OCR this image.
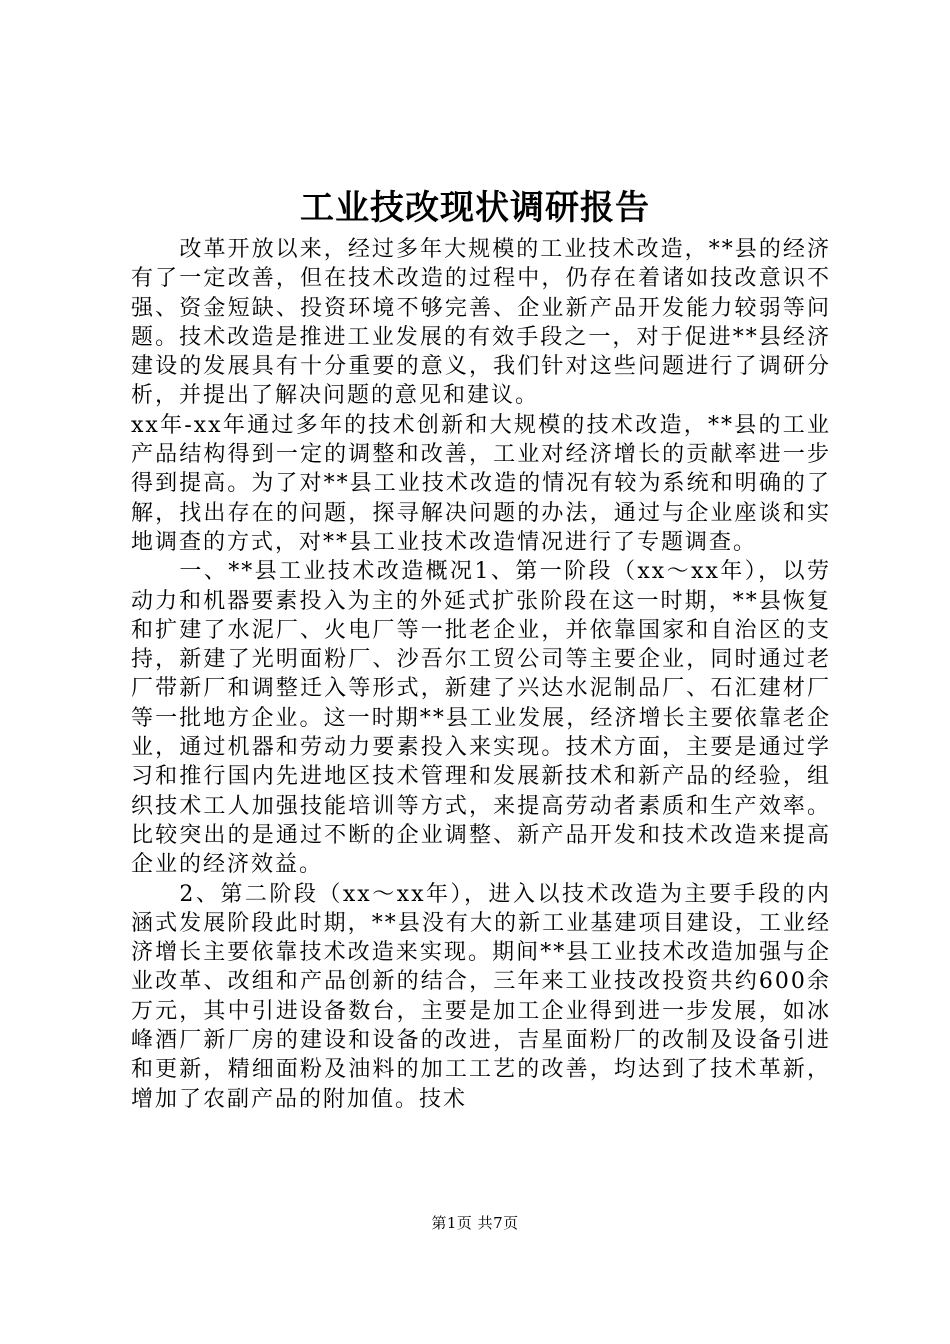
工业技改现状调研报告

改革开放以来，经过多年大规模的工业技术改造，**县的经济有了一定改善，但在技术改造的过程中，仍存在着诸如技改意识不强、资金短缺、投资环境不够完善、企业新产品开发能力较弱等问题。技术改造是推进工业发展的有效手段之一，对于促进**县经济建设的发展具有十分重要的意义，我们针对这些问题进行了调研分析，并提出了解决问题的意见和建议。

xx年-xx年通过多年的技术创新和大规模的技术改造，**县的工业产品结构得到一定的调整和改善，工业对经济增长的贡献率进一步得到提高。为了对**县工业技术改造的情况有较为系统和明确的了解，找出存在的问题，探寻解决问题的办法，通过与企业座谈和实地调查的方式，对**县工业技术改造情况进行了专题调查。

一、**县工业技术改造概况1、第一阶段（xx～xx年），以劳动力和机器要素投入为主的外延式扩张阶段在这一时期，**县恢复和扩建了水泥厂、火电厂等一批老企业，并依靠国家和自治区的支持，新建了光明面粉厂、沙吾尔工贸公司等主要企业，同时通过老厂带新厂和调整迁入等形式，新建了兴达水泥制品厂、石汇建材厂等一批地方企业。这一时期**县工业发展，经济增长主要依靠老企业，通过机器和劳动力要素投入来实现。技术方面，主要是通过学习和推行国内先进地区技术管理和发展新技术和新产品的经验，组织技术工人加强技能培训等方式，来提高劳动者素质和生产效率。比较突出的是通过不断的企业调整、新产品开发和技术改造来提高企业的经济效益。

2、第二阶段（xx～xx年），进入以技术改造为主要手段的内涵式发展阶段此时期，**县没有大的新工业基建项目建设，工业经济增长主要依靠技术改造来实现。期间**县工业技术改造加强与企业改革、改组和产品创新的结合，三年来工业技改投资共约600余万元，其中引进设备数台，主要是加工企业得到进一步发展，如冰峰酒厂新厂房的建设和设备的改进，吉星面粉厂的改制及设备引进和更新，精细面粉及油料的加工工艺的改善，均达到了技术革新，增加了农副产品的附加值。技术

第1页 共7页
